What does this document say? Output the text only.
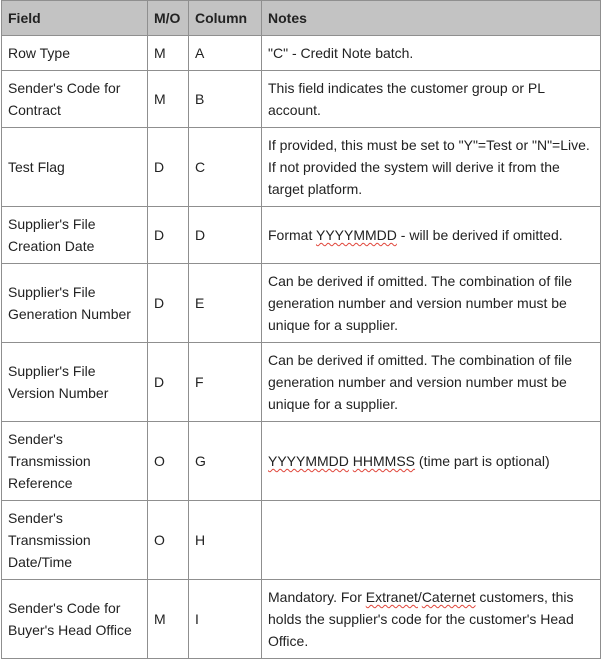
Field	M/O	Column	Notes
Row Type	M	A	"C" - Credit Note batch.
Sender's Code for Contract	M	B	This field indicates the customer group or PL account.
Test Flag	D	C	If provided, this must be set to "Y"=Test or "N"=Live. If not provided the system will derive it from the target platform.
Supplier's File Creation Date	D	D	Format YYYYMMDD - will be derived if omitted.
Supplier's File Generation Number	D	E	Can be derived if omitted. The combination of file generation number and version number must be unique for a supplier.
Supplier's File Version Number	D	F	Can be derived if omitted. The combination of file generation number and version number must be unique for a supplier.
Sender's Transmission Reference	O	G	YYYYMMDD HHMMSS (time part is optional)
Sender's Transmission Date/Time	O	H	
Sender's Code for Buyer's Head Office	M	I	Mandatory. For Extranet/Caternet customers, this holds the supplier's code for the customer's Head Office.
